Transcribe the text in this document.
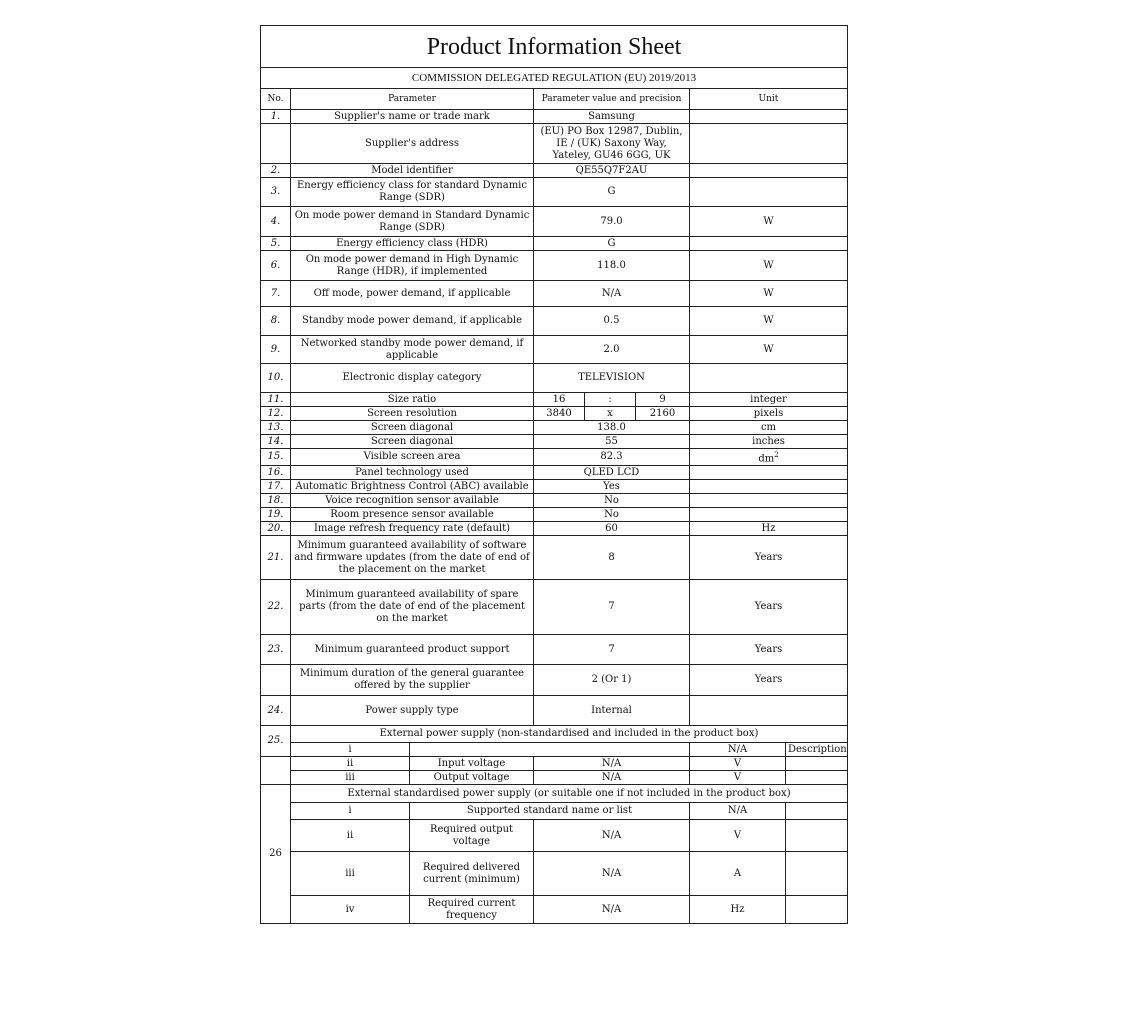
Product Information Sheet							
COMMISSION DELEGATED REGULATION (EU) 2019/2013							
No.	Parameter		Parameter value and precision			Unit	
1.	Supplier's name or trade mark		Samsung				
	Supplier's address		(EU) PO Box 12987, Dublin, IE / (UK) Saxony Way, Yateley, GU46 6GG, UK				
2.	Model identifier		QE55Q7F2AU				
3.	Energy efficiency class for standard Dynamic Range (SDR)		G				
4.	On mode power demand in Standard Dynamic Range (SDR)		79.0			W	
5.	Energy efficiency class (HDR)		G				
6.	On mode power demand in High Dynamic Range (HDR), if implemented		118.0			W	
7.	Off mode, power demand, if applicable		N/A			W	
8.	Standby mode power demand, if applicable		0.5			W	
9.	Networked standby mode power demand, if applicable		2.0			W	
10.	Electronic display category		TELEVISION				
11.	Size ratio		16	:	9	integer	
12.	Screen resolution		3840	x	2160	pixels	
13.	Screen diagonal		138.0			cm	
14.	Screen diagonal		55			inches	
15.	Visible screen area		82.3			$dm^2$
16.	Panel technology used		QLED LCD				
17.	Automatic Brightness Control (ABC) available		Yes				
18.	Voice recognition sensor available		No				
19.	Room presence sensor available		No				
20.	Image refresh frequency rate (default)		60			Hz	
21.	Minimum guaranteed availability of software and firmware updates (from the date of end of the placement on the market		8			Years	
22.	Minimum guaranteed availability of spare parts (from the date of end of the placement on the market		7			Years	
23.	Minimum guaranteed product support		7			Years	
	Minimum duration of the general guarantee offered by the supplier		2 (Or 1)			Years	
24.	Power supply type		Internal				
25.	External power supply (non-standardised and included in the product box)						
	i					N/A	Description
	ii	Input voltage	N/A			V	
	iii	Output voltage	N/A			V	
26	External standardised power supply (or suitable one if not included in the product box)						
	i	Supported standard name or list				N/A	
	ii	Required output voltage	N/A			V	
	iii	Required delivered current (minimum)	N/A			A	
	iv	Required current frequency	N/A			Hz	
